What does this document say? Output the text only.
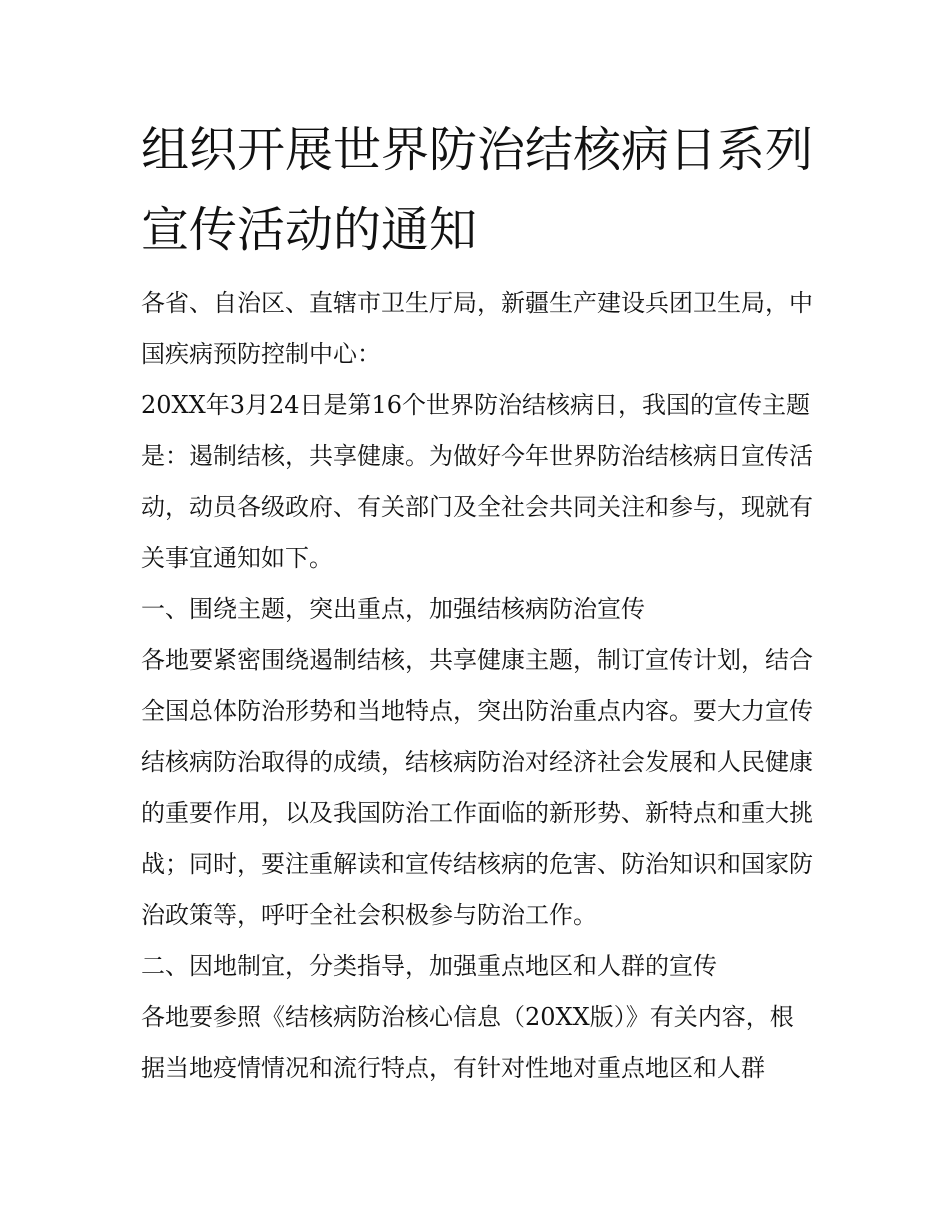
组织开展世界防治结核病日系列宣传活动的通知

各省、自治区、直辖市卫生厅局，新疆生产建设兵团卫生局，中国疾病预防控制中心：

20XX年3月24日是第16个世界防治结核病日，我国的宣传主题是：遏制结核，共享健康。为做好今年世界防治结核病日宣传活动，动员各级政府、有关部门及全社会共同关注和参与，现就有关事宜通知如下。

一、围绕主题，突出重点，加强结核病防治宣传

各地要紧密围绕遏制结核，共享健康主题，制订宣传计划，结合全国总体防治形势和当地特点，突出防治重点内容。要大力宣传结核病防治取得的成绩，结核病防治对经济社会发展和人民健康的重要作用，以及我国防治工作面临的新形势、新特点和重大挑战；同时，要注重解读和宣传结核病的危害、防治知识和国家防治政策等，呼吁全社会积极参与防治工作。

二、因地制宜，分类指导，加强重点地区和人群的宣传

各地要参照《结核病防治核心信息（20XX版）》有关内容，根据当地疫情情况和流行特点，有针对性地对重点地区和人群
